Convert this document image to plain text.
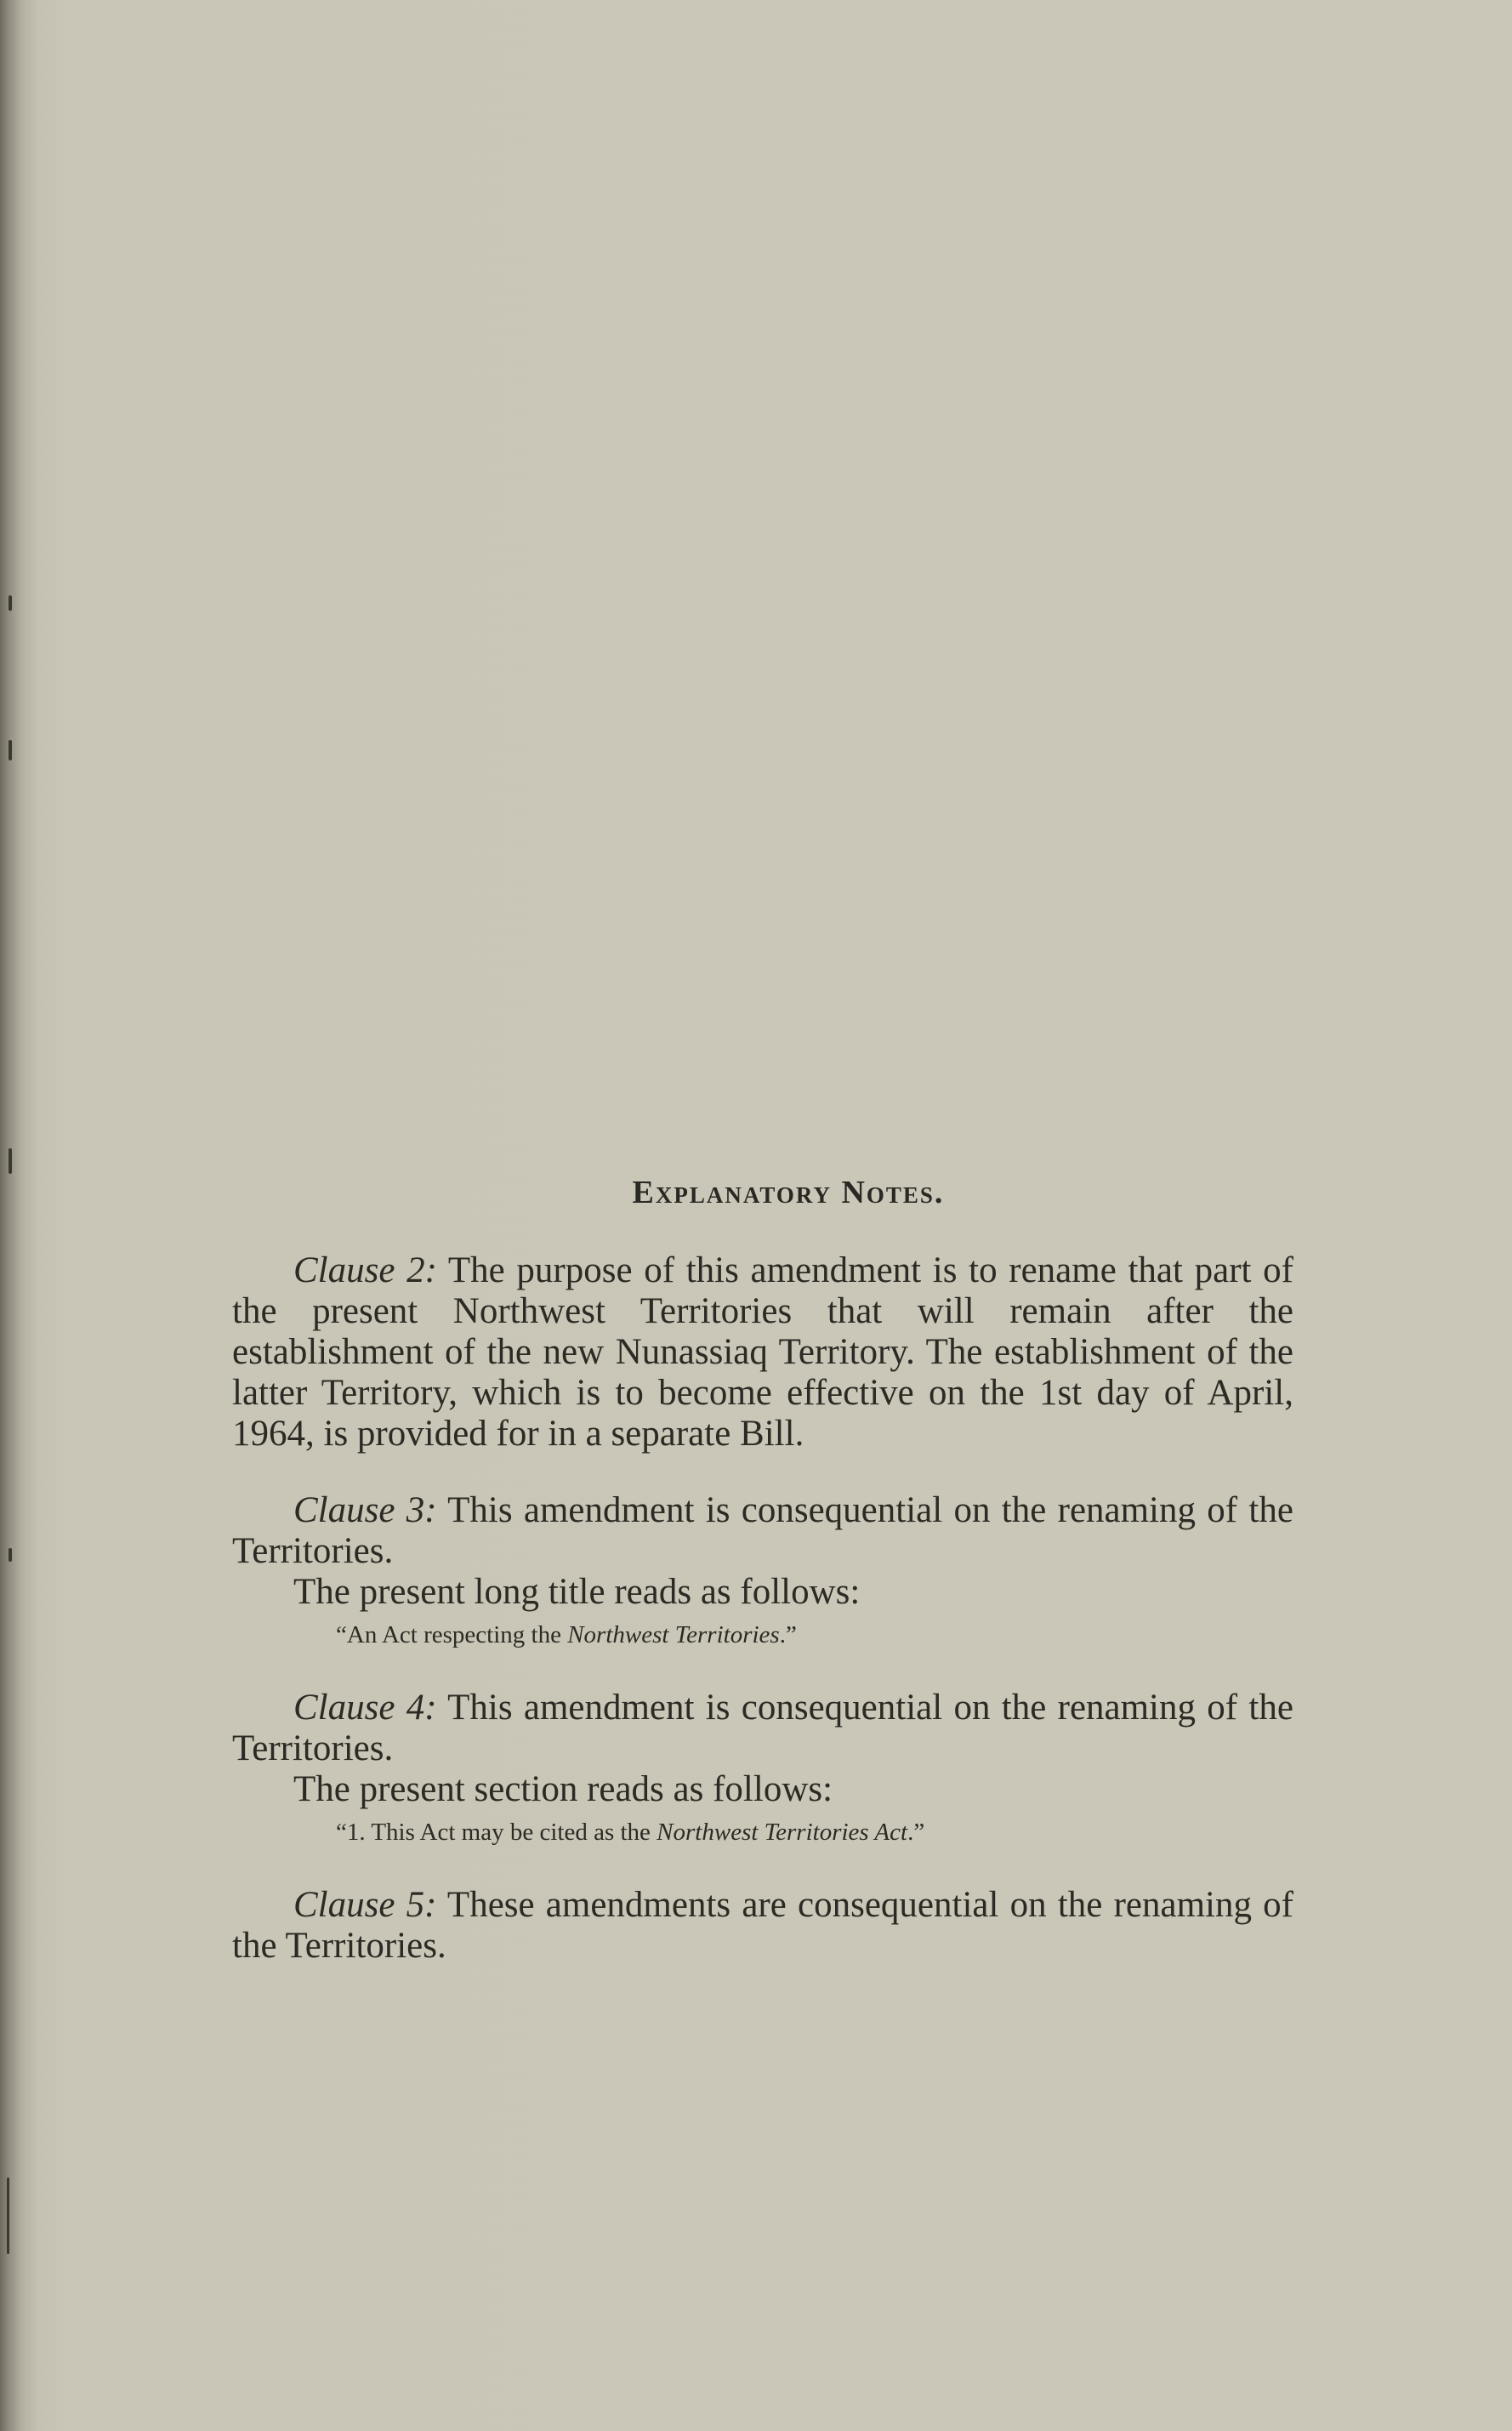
Explanatory Notes.

Clause 2: The purpose of this amendment is to rename that part of the present Northwest Territories that will remain after the establishment of the new Nunassiaq Territory. The establishment of the latter Territory, which is to become effective on the 1st day of April, 1964, is provided for in a separate Bill.

Clause 3: This amendment is consequential on the renaming of the Territories.

The present long title reads as follows:

“An Act respecting the Northwest Territories.”

Clause 4: This amendment is consequential on the renaming of the Territories.

The present section reads as follows:

“1. This Act may be cited as the Northwest Territories Act.”

Clause 5: These amendments are consequential on the renaming of the Territories.
